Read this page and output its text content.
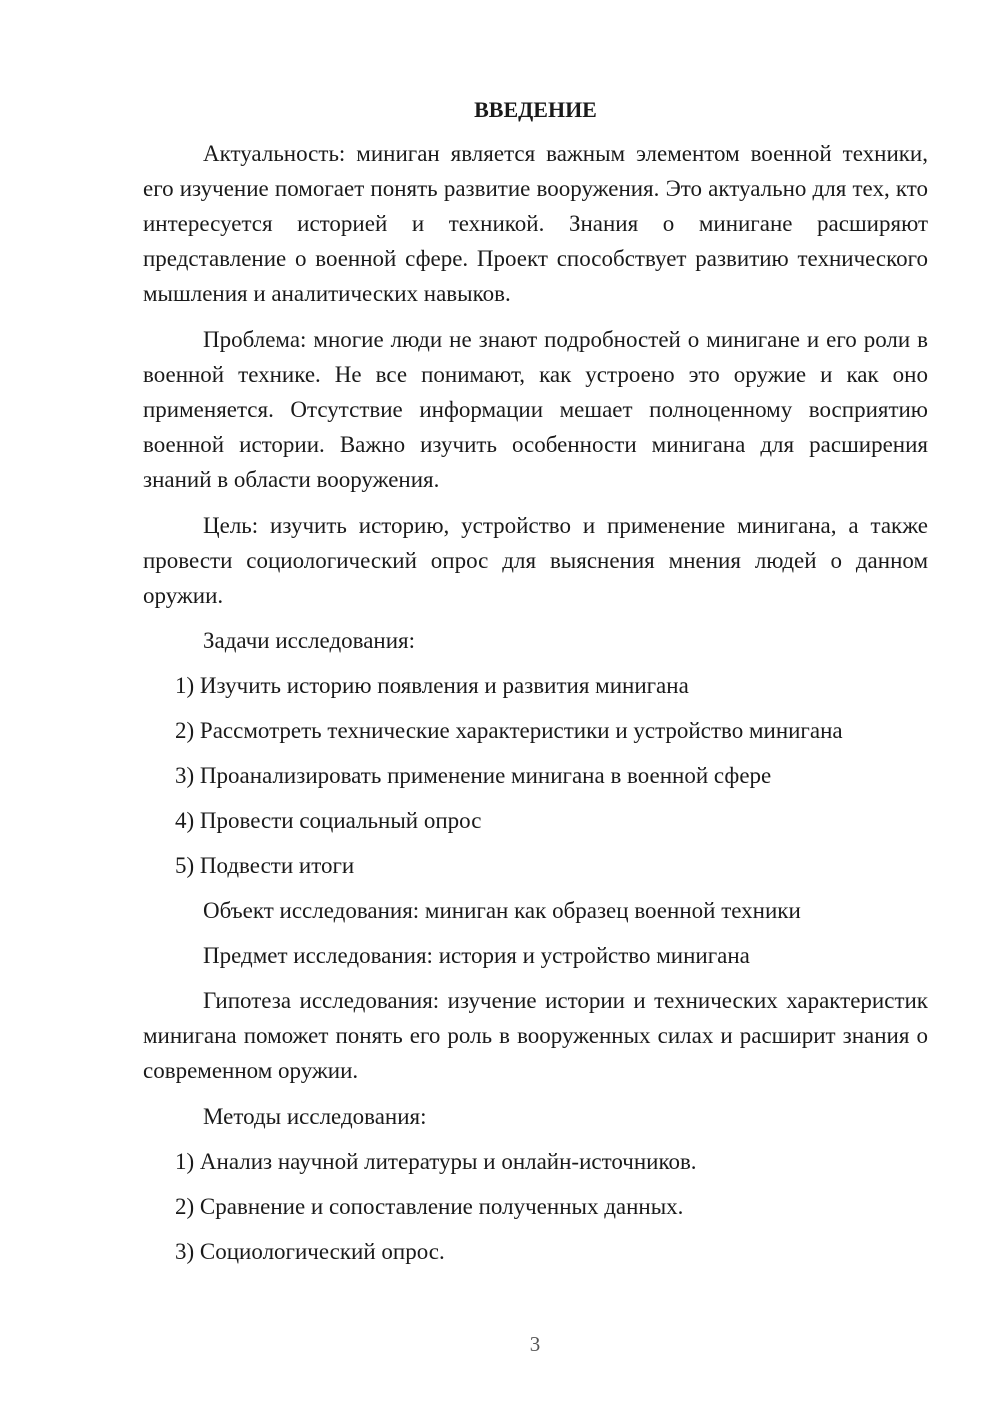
ВВЕДЕНИЕ

Актуальность: миниган является важным элементом военной техники, его изучение помогает понять развитие вооружения. Это актуально для тех, кто интересуется историей и техникой. Знания о минигане расширяют представление о военной сфере. Проект способствует развитию технического мышления и аналитических навыков.

Проблема: многие люди не знают подробностей о минигане и его роли в военной технике. Не все понимают, как устроено это оружие и как оно применяется. Отсутствие информации мешает полноценному восприятию военной истории. Важно изучить особенности минигана для расширения знаний в области вооружения.

Цель: изучить историю, устройство и применение минигана, а также провести социологический опрос для выяснения мнения людей о данном оружии.

Задачи исследования:

1) Изучить историю появления и развития минигана

2) Рассмотреть технические характеристики и устройство минигана

3) Проанализировать применение минигана в военной сфере

4) Провести социальный опрос

5) Подвести итоги

Объект исследования: миниган как образец военной техники

Предмет исследования: история и устройство минигана

Гипотеза исследования: изучение истории и технических характеристик минигана поможет понять его роль в вооруженных силах и расширит знания о современном оружии.

Методы исследования:

1) Анализ научной литературы и онлайн-источников.

2) Сравнение и сопоставление полученных данных.

3) Социологический опрос.

3
